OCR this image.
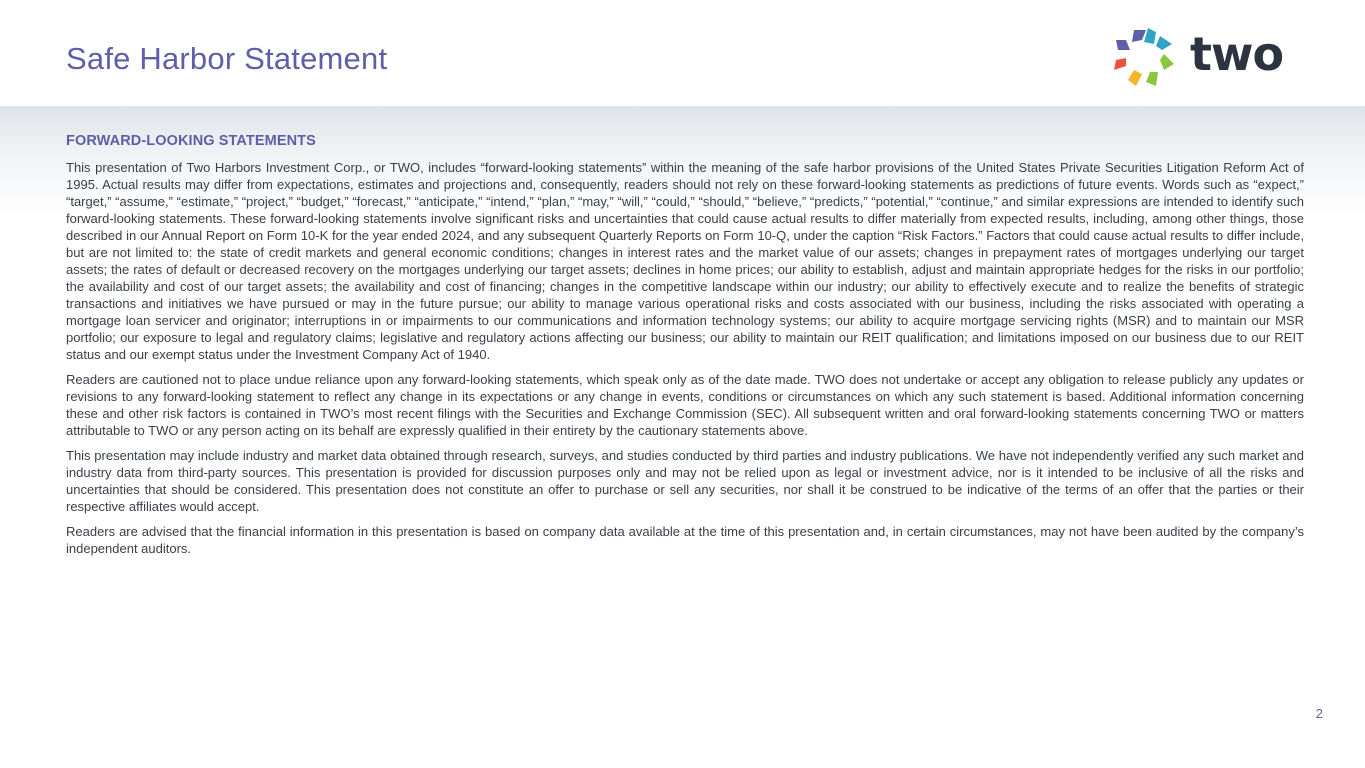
Safe Harbor Statement	two
FORWARD-LOOKING STATEMENTS

This presentation of Two Harbors Investment Corp., or TWO, includes “forward-looking statements” within the meaning of the safe harbor provisions of the United States Private Securities Litigation Reform Act of 1995. Actual results may differ from expectations, estimates and projections and, consequently, readers should not rely on these forward-looking statements as predictions of future events. Words such as “expect,” “target,” “assume,” “estimate,” “project,” “budget,” “forecast,” “anticipate,” “intend,” “plan,” “may,” “will,” “could,” “should,” “believe,” “predicts,” “potential,” “continue,” and similar expressions are intended to identify such forward-looking statements. These forward-looking statements involve significant risks and uncertainties that could cause actual results to differ materially from expected results, including, among other things, those described in our Annual Report on Form 10-K for the year ended 2024, and any subsequent Quarterly Reports on Form 10-Q, under the caption “Risk Factors.” Factors that could cause actual results to differ include, but are not limited to: the state of credit markets and general economic conditions; changes in interest rates and the market value of our assets; changes in prepayment rates of mortgages underlying our target assets; the rates of default or decreased recovery on the mortgages underlying our target assets; declines in home prices; our ability to establish, adjust and maintain appropriate hedges for the risks in our portfolio; the availability and cost of our target assets; the availability and cost of financing; changes in the competitive landscape within our industry; our ability to effectively execute and to realize the benefits of strategic transactions and initiatives we have pursued or may in the future pursue; our ability to manage various operational risks and costs associated with our business, including the risks associated with operating a mortgage loan servicer and originator; interruptions in or impairments to our communications and information technology systems; our ability to acquire mortgage servicing rights (MSR) and to maintain our MSR portfolio; our exposure to legal and regulatory claims; legislative and regulatory actions affecting our business; our ability to maintain our REIT qualification; and limitations imposed on our business due to our REIT status and our exempt status under the Investment Company Act of 1940.

Readers are cautioned not to place undue reliance upon any forward-looking statements, which speak only as of the date made. TWO does not undertake or accept any obligation to release publicly any updates or revisions to any forward-looking statement to reflect any change in its expectations or any change in events, conditions or circumstances on which any such statement is based. Additional information concerning these and other risk factors is contained in TWO’s most recent filings with the Securities and Exchange Commission (SEC). All subsequent written and oral forward-looking statements concerning TWO or matters attributable to TWO or any person acting on its behalf are expressly qualified in their entirety by the cautionary statements above.

This presentation may include industry and market data obtained through research, surveys, and studies conducted by third parties and industry publications. We have not independently verified any such market and industry data from third-party sources. This presentation is provided for discussion purposes only and may not be relied upon as legal or investment advice, nor is it intended to be inclusive of all the risks and uncertainties that should be considered. This presentation does not constitute an offer to purchase or sell any securities, nor shall it be construed to be indicative of the terms of an offer that the parties or their respective affiliates would accept.

Readers are advised that the financial information in this presentation is based on company data available at the time of this presentation and, in certain circumstances, may not have been audited by the company’s independent auditors.

2
